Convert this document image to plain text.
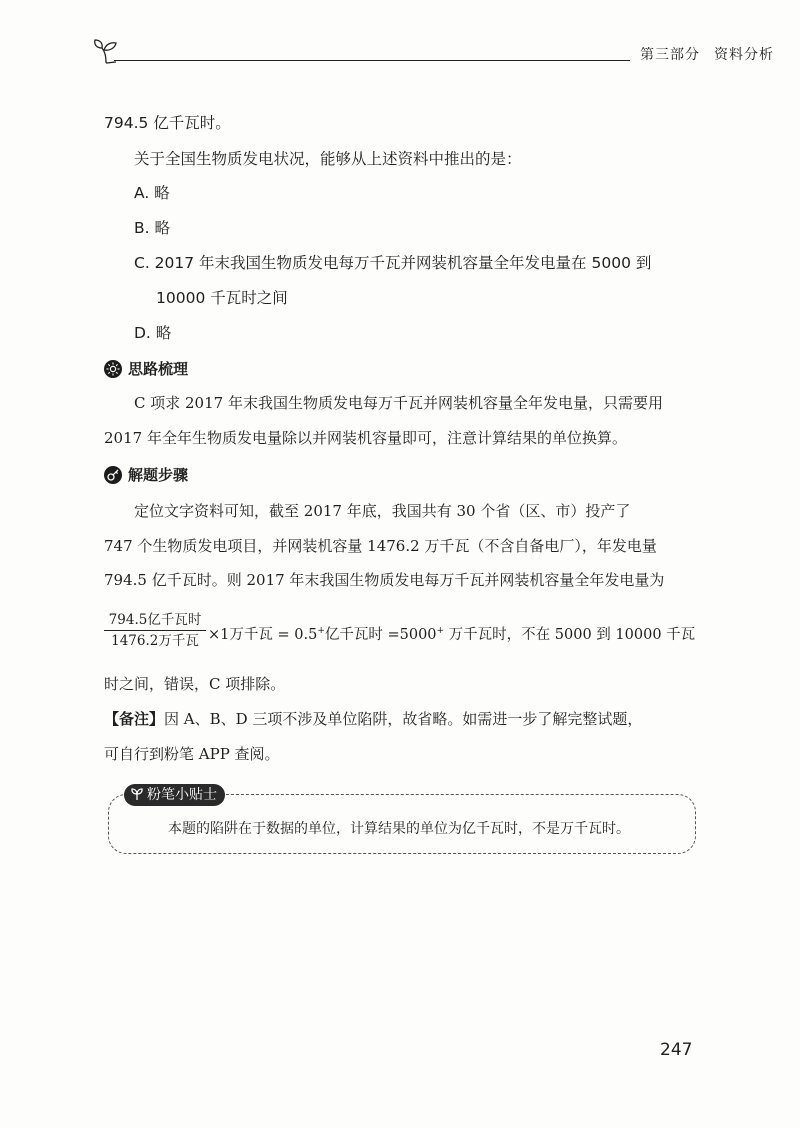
第三部分 资料分析
794.5 亿千瓦时。
关于全国生物质发电状况，能够从上述资料中推出的是：
A. 略
B. 略
C. 2017 年末我国生物质发电每万千瓦并网装机容量全年发电量在 5000 到
10000 千瓦时之间
D. 略
思路梳理
C 项求 2017 年末我国生物质发电每万千瓦并网装机容量全年发电量，只需要用
2017 年全年生物质发电量除以并网装机容量即可，注意计算结果的单位换算。
解题步骤
定位文字资料可知，截至 2017 年底，我国共有 30 个省（区、市）投产了
747 个生物质发电项目，并网装机容量 1476.2 万千瓦（不含自备电厂），年发电量
794.5 亿千瓦时。则 2017 年末我国生物质发电每万千瓦并网装机容量全年发电量为
794.5亿千瓦时
1476.2万千瓦 ×1万千瓦 = 0.5+亿千瓦时 =5000+ 万千瓦时，不在 5000 到 10000 千瓦
时之间，错误，C 项排除。
【备注】因 A、B、D 三项不涉及单位陷阱，故省略。如需进一步了解完整试题，
可自行到粉笔 APP 查阅。
粉笔小贴士
本题的陷阱在于数据的单位，计算结果的单位为亿千瓦时，不是万千瓦时。
247
